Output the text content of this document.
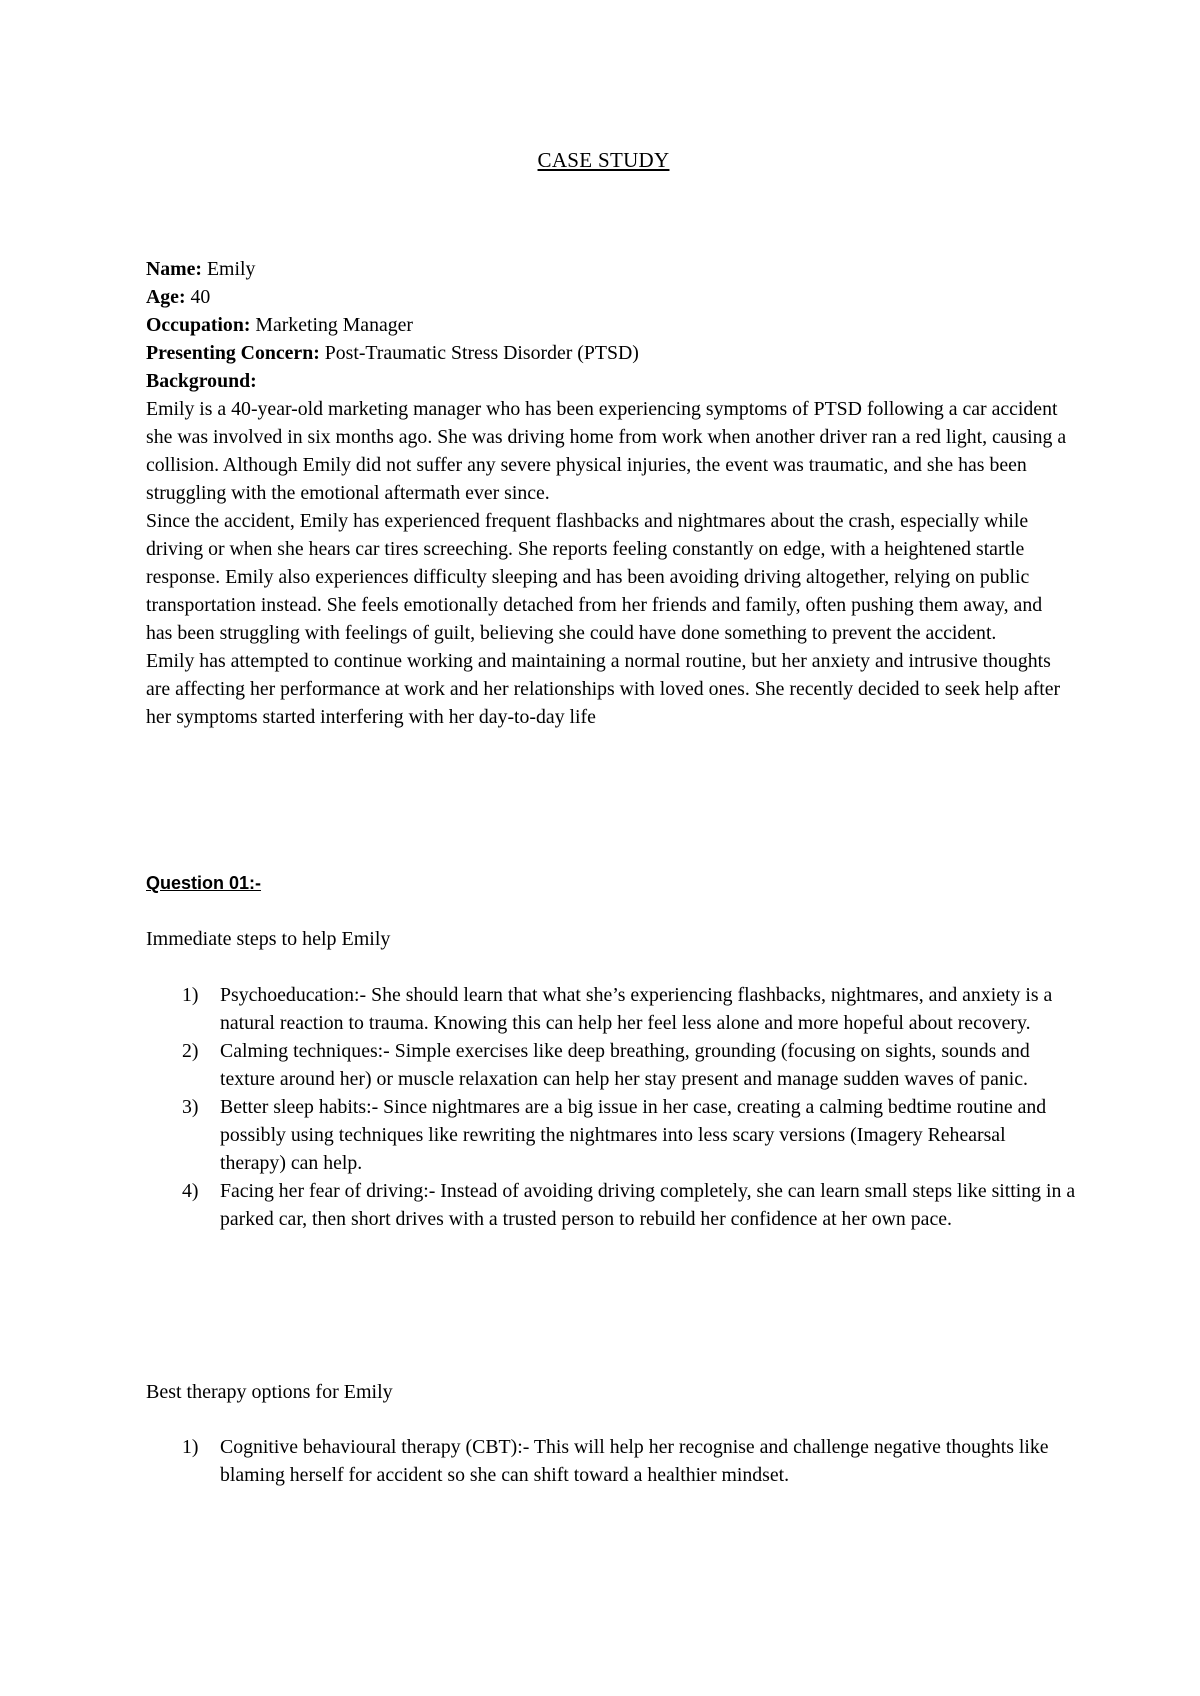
CASE STUDY
Name: Emily
Age: 40
Occupation: Marketing Manager
Presenting Concern: Post-Traumatic Stress Disorder (PTSD)
Background:

Emily is a 40-year-old marketing manager who has been experiencing symptoms of PTSD following a car accident she was involved in six months ago. She was driving home from work when another driver ran a red light, causing a collision. Although Emily did not suffer any severe physical injuries, the event was traumatic, and she has been struggling with the emotional aftermath ever since.

Since the accident, Emily has experienced frequent flashbacks and nightmares about the crash, especially while driving or when she hears car tires screeching. She reports feeling constantly on edge, with a heightened startle response. Emily also experiences difficulty sleeping and has been avoiding driving altogether, relying on public transportation instead. She feels emotionally detached from her friends and family, often pushing them away, and has been struggling with feelings of guilt, believing she could have done something to prevent the accident.

Emily has attempted to continue working and maintaining a normal routine, but her anxiety and intrusive thoughts are affecting her performance at work and her relationships with loved ones. She recently decided to seek help after her symptoms started interfering with her day-to-day life

Question 01:-
Immediate steps to help Emily
1) Psychoeducation:- She should learn that what she’s experiencing flashbacks, nightmares, and anxiety is a natural reaction to trauma. Knowing this can help her feel less alone and more hopeful about recovery.
2) Calming techniques:- Simple exercises like deep breathing, grounding (focusing on sights, sounds and texture around her) or muscle relaxation can help her stay present and manage sudden waves of panic.
3) Better sleep habits:- Since nightmares are a big issue in her case, creating a calming bedtime routine and possibly using techniques like rewriting the nightmares into less scary versions (Imagery Rehearsal therapy) can help.
4) Facing her fear of driving:- Instead of avoiding driving completely, she can learn small steps like sitting in a parked car, then short drives with a trusted person to rebuild her confidence at her own pace.
Best therapy options for Emily
1) Cognitive behavioural therapy (CBT):- This will help her recognise and challenge negative thoughts like blaming herself for accident so she can shift toward a healthier mindset.
